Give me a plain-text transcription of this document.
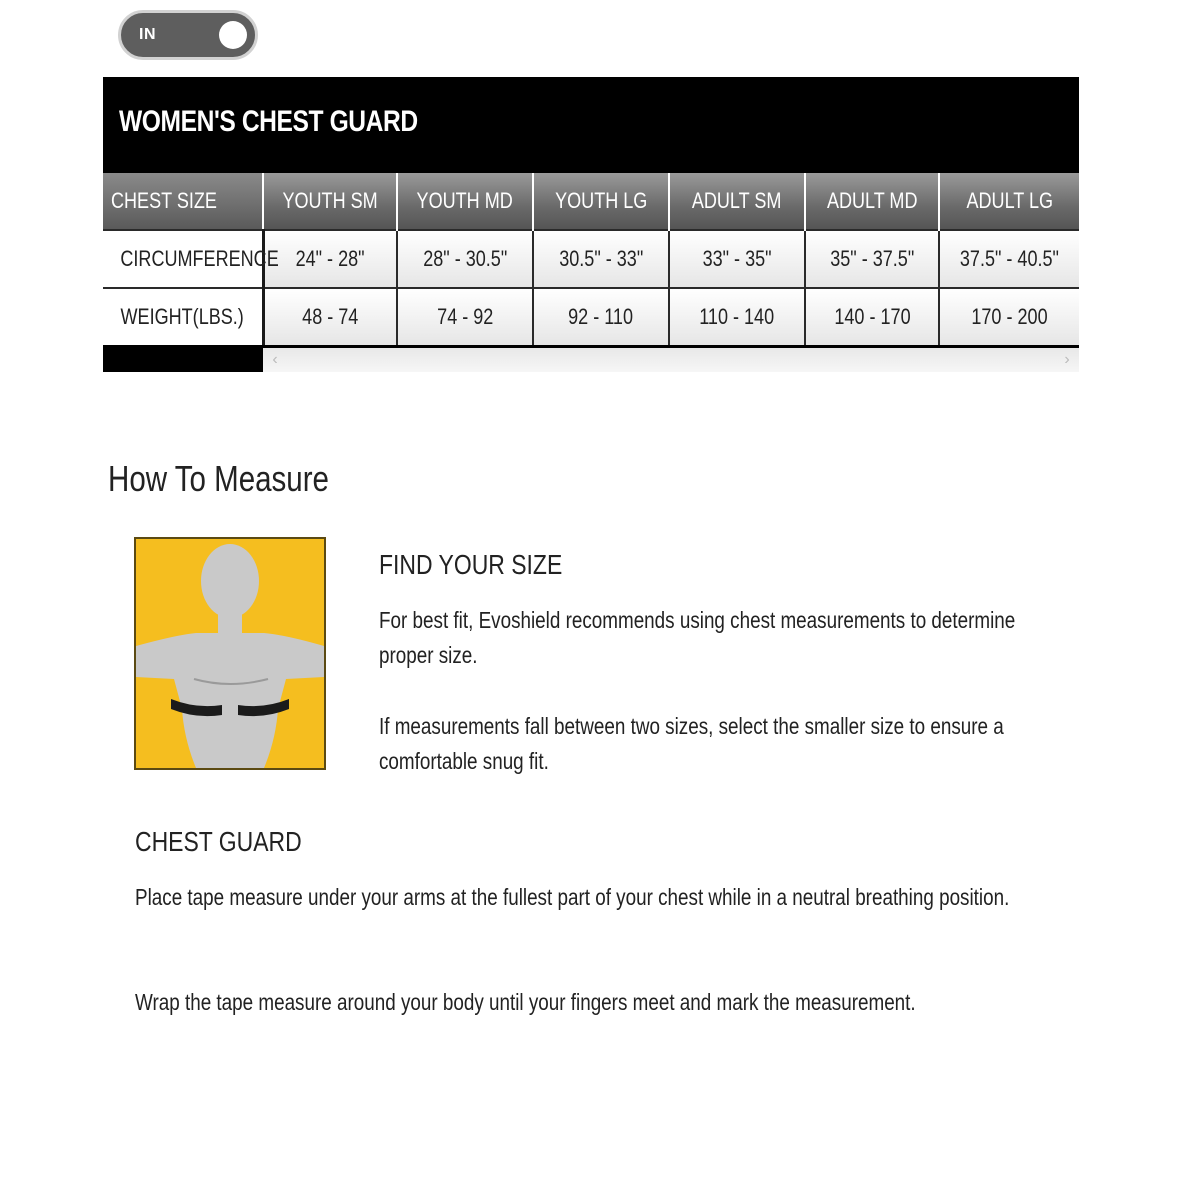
IN
WOMEN'S CHEST GUARD
CHEST SIZE	YOUTH SM	YOUTH MD	YOUTH LG	ADULT SM	ADULT MD	ADULT LG
CIRCUMFERENCE	24" - 28"	28" - 30.5"	30.5" - 33"	33" - 35"	35" - 37.5"	37.5" - 40.5"
WEIGHT(LBS.)	48 - 74	74 - 92	92 - 110	110 - 140	140 - 170	170 - 200
‹	›
How To Measure
FIND YOUR SIZE
For best fit, Evoshield recommends using chest measurements to determine proper size.
If measurements fall between two sizes, select the smaller size to ensure a comfortable snug fit.
CHEST GUARD
Place tape measure under your arms at the fullest part of your chest while in a neutral breathing position.
Wrap the tape measure around your body until your fingers meet and mark the measurement.
